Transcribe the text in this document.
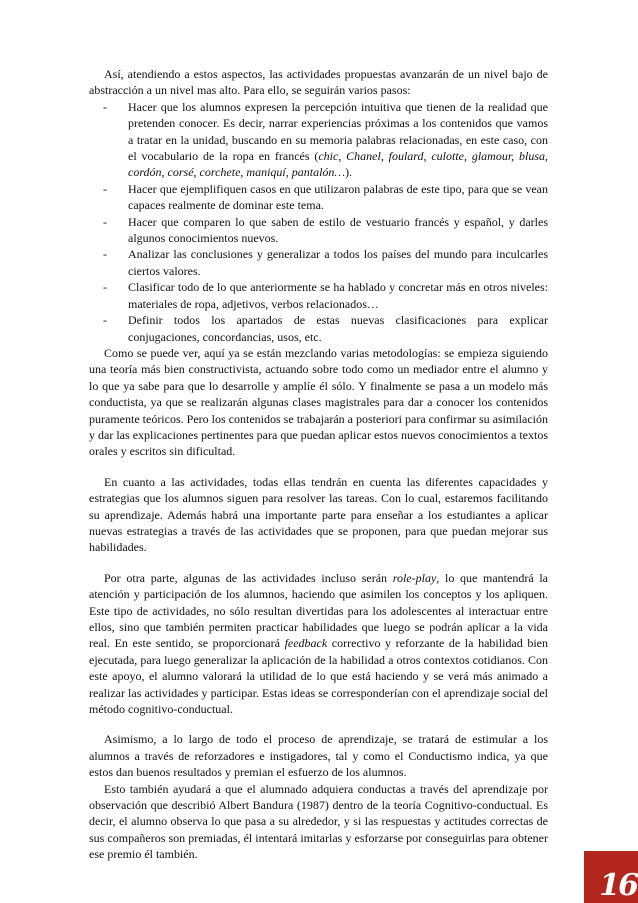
Así, atendiendo a estos aspectos, las actividades propuestas avanzarán de un nivel bajo de abstracción a un nivel mas alto. Para ello, se seguirán varios pasos:

- Hacer que los alumnos expresen la percepción intuitiva que tienen de la realidad que pretenden conocer. Es decir, narrar experiencias próximas a los contenidos que vamos a tratar en la unidad, buscando en su memoria palabras relacionadas, en este caso, con el vocabulario de la ropa en francés (chic, Chanel, foulard, culotte, glamour, blusa, cordón, corsé, corchete, maniquí, pantalón…).
- Hacer que ejemplifiquen casos en que utilizaron palabras de este tipo, para que se vean capaces realmente de dominar este tema.
- Hacer que comparen lo que saben de estilo de vestuario francés y español, y darles algunos conocimientos nuevos.
- Analizar las conclusiones y generalizar a todos los países del mundo para inculcarles ciertos valores.
- Clasificar todo de lo que anteriormente se ha hablado y concretar más en otros niveles: materiales de ropa, adjetivos, verbos relacionados…
- Definir todos los apartados de estas nuevas clasificaciones para explicar conjugaciones, concordancias, usos, etc.

Como se puede ver, aquí ya se están mezclando varias metodologías: se empieza siguiendo una teoría más bien constructivista, actuando sobre todo como un mediador entre el alumno y lo que ya sabe para que lo desarrolle y amplíe él sólo. Y finalmente se pasa a un modelo más conductista, ya que se realizarán algunas clases magistrales para dar a conocer los contenidos puramente teóricos. Pero los contenidos se trabajarán a posteriori para confirmar su asimilación y dar las explicaciones pertinentes para que puedan aplicar estos nuevos conocimientos a textos orales y escritos sin dificultad.

En cuanto a las actividades, todas ellas tendrán en cuenta las diferentes capacidades y estrategias que los alumnos siguen para resolver las tareas. Con lo cual, estaremos facilitando su aprendizaje. Además habrá una importante parte para enseñar a los estudiantes a aplicar nuevas estrategias a través de las actividades que se proponen, para que puedan mejorar sus habilidades.

Por otra parte, algunas de las actividades incluso serán role-play, lo que mantendrá la atención y participación de los alumnos, haciendo que asimilen los conceptos y los apliquen. Este tipo de actividades, no sólo resultan divertidas para los adolescentes al interactuar entre ellos, sino que también permiten practicar habilidades que luego se podrán aplicar a la vida real. En este sentido, se proporcionará feedback correctivo y reforzante de la habilidad bien ejecutada, para luego generalizar la aplicación de la habilidad a otros contextos cotidianos. Con este apoyo, el alumno valorará la utilidad de lo que está haciendo y se verá más animado a realizar las actividades y participar. Estas ideas se corresponderían con el aprendizaje social del método cognitivo-conductual.

Asimismo, a lo largo de todo el proceso de aprendizaje, se tratará de estimular a los alumnos a través de reforzadores e instigadores, tal y como el Conductismo indica, ya que estos dan buenos resultados y premian el esfuerzo de los alumnos.

Esto también ayudará a que el alumnado adquiera conductas a través del aprendizaje por observación que describió Albert Bandura (1987) dentro de la teoría Cognitivo-conductual. Es decir, el alumno observa lo que pasa a su alrededor, y si las respuestas y actitudes correctas de sus compañeros son premiadas, él intentará imitarlas y esforzarse por conseguirlas para obtener ese premio él también.

16
